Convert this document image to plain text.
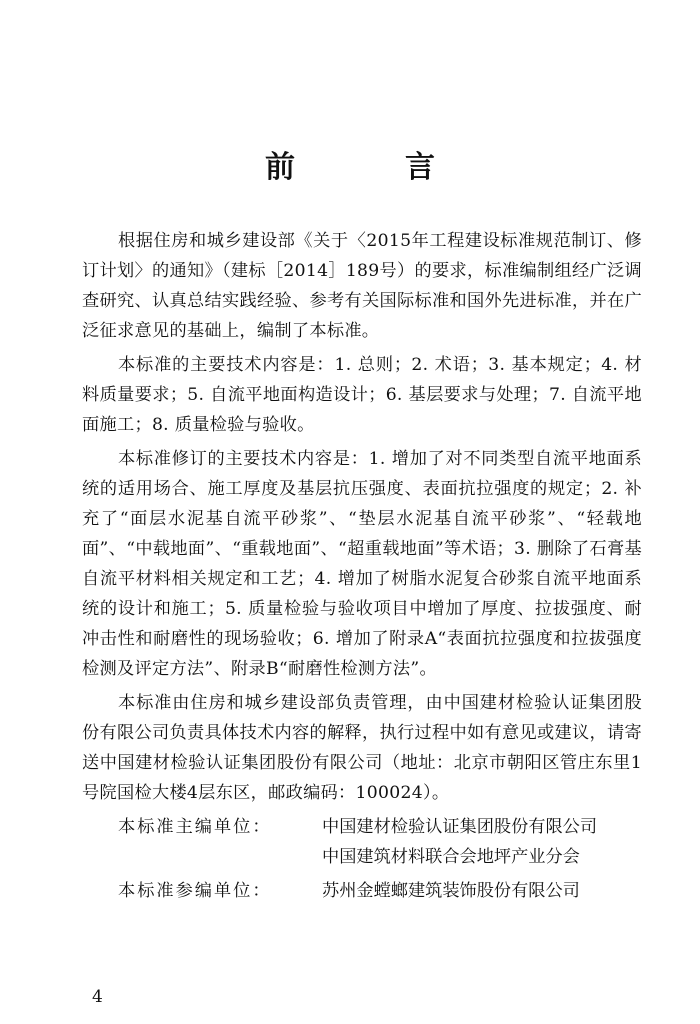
前　言

根据住房和城乡建设部《关于〈2015年工程建设标准规范制订、修订计划〉的通知》（建标［2014］189号）的要求，标准编制组经广泛调查研究、认真总结实践经验、参考有关国际标准和国外先进标准，并在广泛征求意见的基础上，编制了本标准。

本标准的主要技术内容是：1. 总则；2. 术语；3. 基本规定；4. 材料质量要求；5. 自流平地面构造设计；6. 基层要求与处理；7. 自流平地面施工；8. 质量检验与验收。

本标准修订的主要技术内容是：1. 增加了对不同类型自流平地面系统的适用场合、施工厚度及基层抗压强度、表面抗拉强度的规定；2. 补充了“面层水泥基自流平砂浆”、“垫层水泥基自流平砂浆”、“轻载地面”、“中载地面”、“重载地面”、“超重载地面”等术语；3. 删除了石膏基自流平材料相关规定和工艺；4. 增加了树脂水泥复合砂浆自流平地面系统的设计和施工；5. 质量检验与验收项目中增加了厚度、拉拔强度、耐冲击性和耐磨性的现场验收；6. 增加了附录A“表面抗拉强度和拉拔强度检测及评定方法”、附录B“耐磨性检测方法”。

本标准由住房和城乡建设部负责管理，由中国建材检验认证集团股份有限公司负责具体技术内容的解释，执行过程中如有意见或建议，请寄送中国建材检验认证集团股份有限公司（地址：北京市朝阳区管庄东里1号院国检大楼4层东区，邮政编码：100024）。

本标准主编单位：	中国建材检验认证集团股份有限公司
中国建筑材料联合会地坪产业分会
本标准参编单位：	苏州金螳螂建筑装饰股份有限公司
4
